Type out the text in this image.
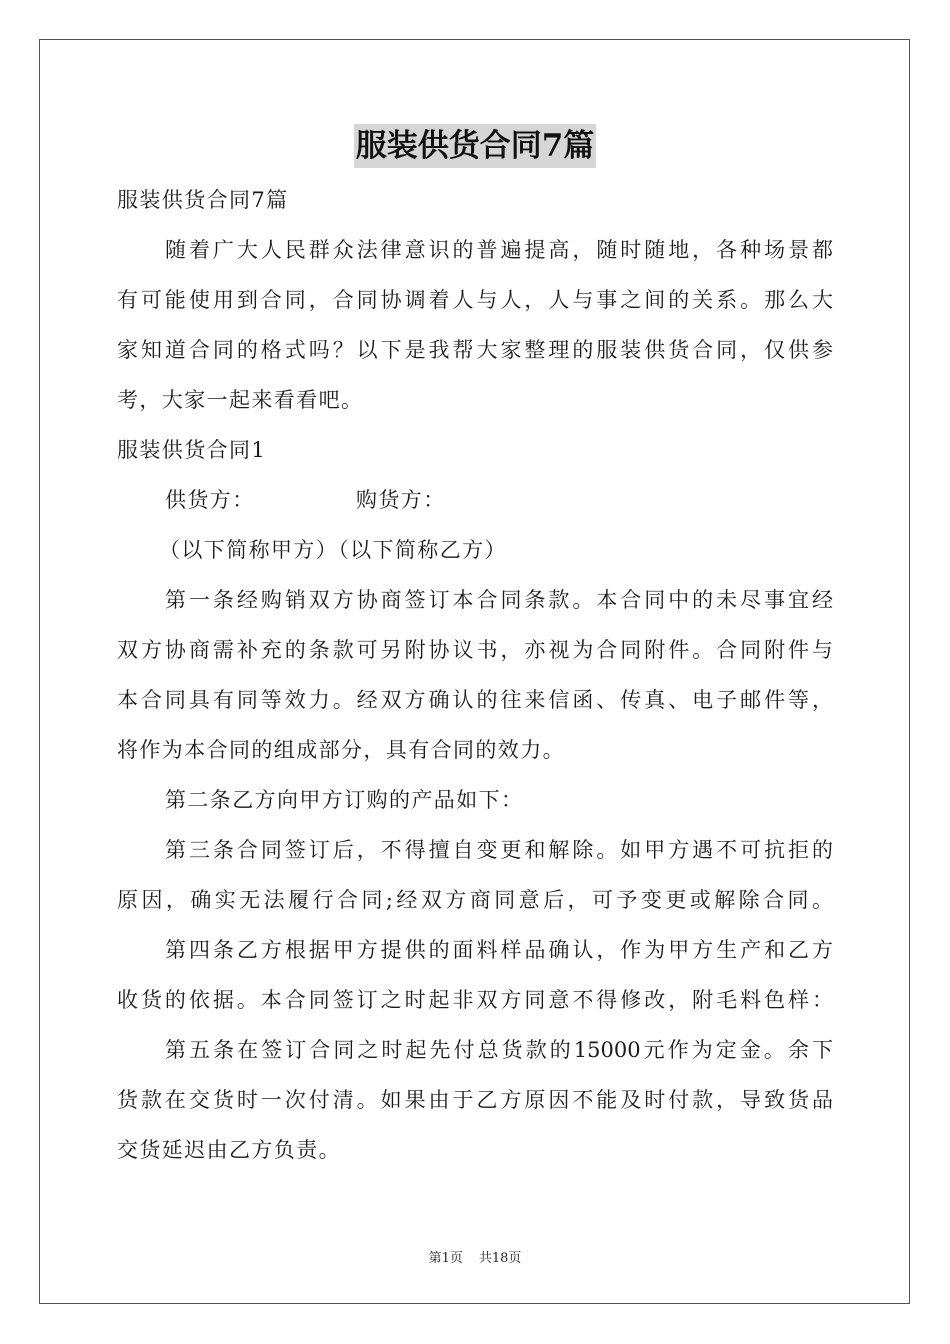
服装供货合同7篇
服装供货合同7篇
随着广大人民群众法律意识的普遍提高，随时随地，各种场景都
有可能使用到合同，合同协调着人与人，人与事之间的关系。那么大
家知道合同的格式吗？以下是我帮大家整理的服装供货合同，仅供参
考，大家一起来看看吧。
服装供货合同1
供货方：	购货方：
（以下简称甲方）（以下简称乙方）
第一条经购销双方协商签订本合同条款。本合同中的未尽事宜经
双方协商需补充的条款可另附协议书，亦视为合同附件。合同附件与
本合同具有同等效力。经双方确认的往来信函、传真、电子邮件等，
将作为本合同的组成部分，具有合同的效力。
第二条乙方向甲方订购的产品如下：
第三条合同签订后，不得擅自变更和解除。如甲方遇不可抗拒的
原因，确实无法履行合同;经双方商同意后，可予变更或解除合同。
第四条乙方根据甲方提供的面料样品确认，作为甲方生产和乙方
收货的依据。本合同签订之时起非双方同意不得修改，附毛料色样：
第五条在签订合同之时起先付总货款的15000元作为定金。余下
货款在交货时一次付清。如果由于乙方原因不能及时付款，导致货品
交货延迟由乙方负责。
第1页 共18页
